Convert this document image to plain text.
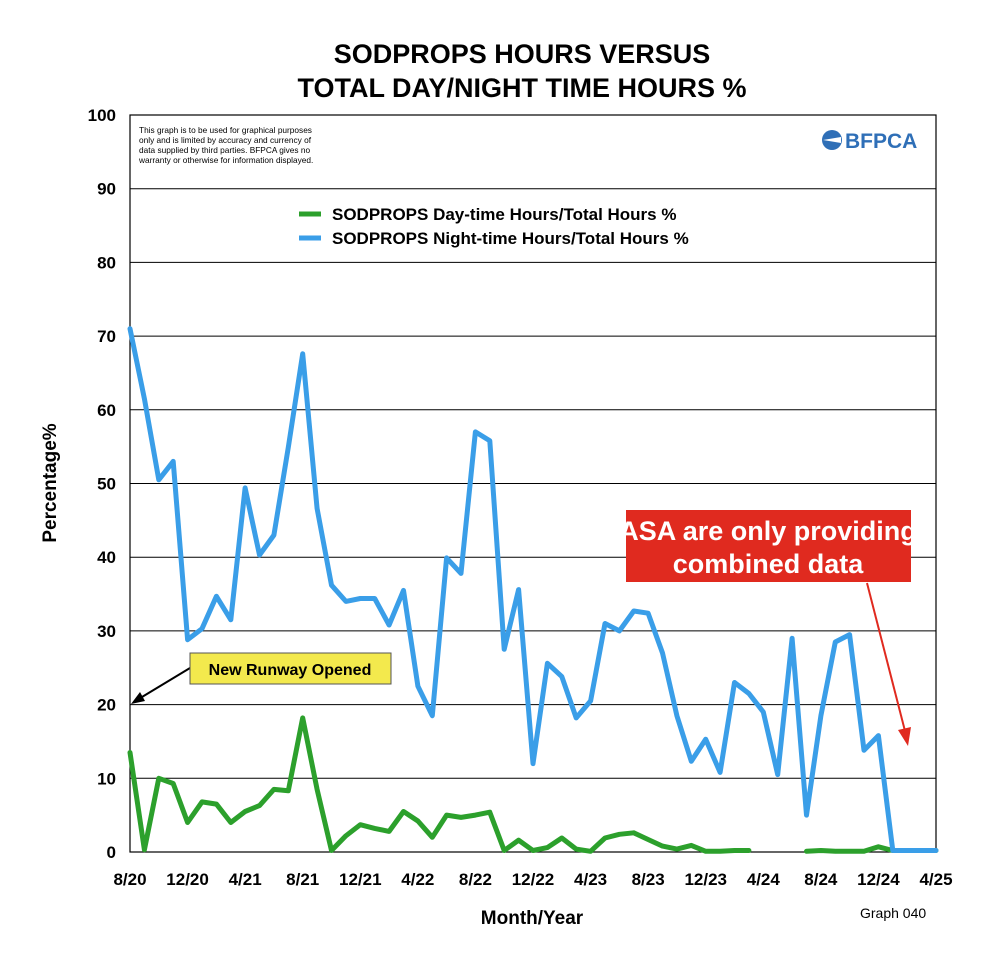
SODPROPS HOURS VERSUS
TOTAL DAY/NIGHT TIME HOURS %
0
10
20
30
40
50
60
70
80
90
100
8/20 12/20 4/21 8/21 12/21 4/22 8/22 12/22 4/23 8/23 12/23 4/24 8/24 12/24 4/25
This graph is to be used for graphical purposes
only and is limited by accuracy and currency of
data supplied by third parties. BFPCA gives no
warranty or otherwise for information displayed.
BFPCA
SODPROPS Day-time Hours/Total Hours %
SODPROPS Night-time Hours/Total Hours %
New Runway Opened
ASA are only providing
combined data
Month/Year
Percentage%
Graph 040
